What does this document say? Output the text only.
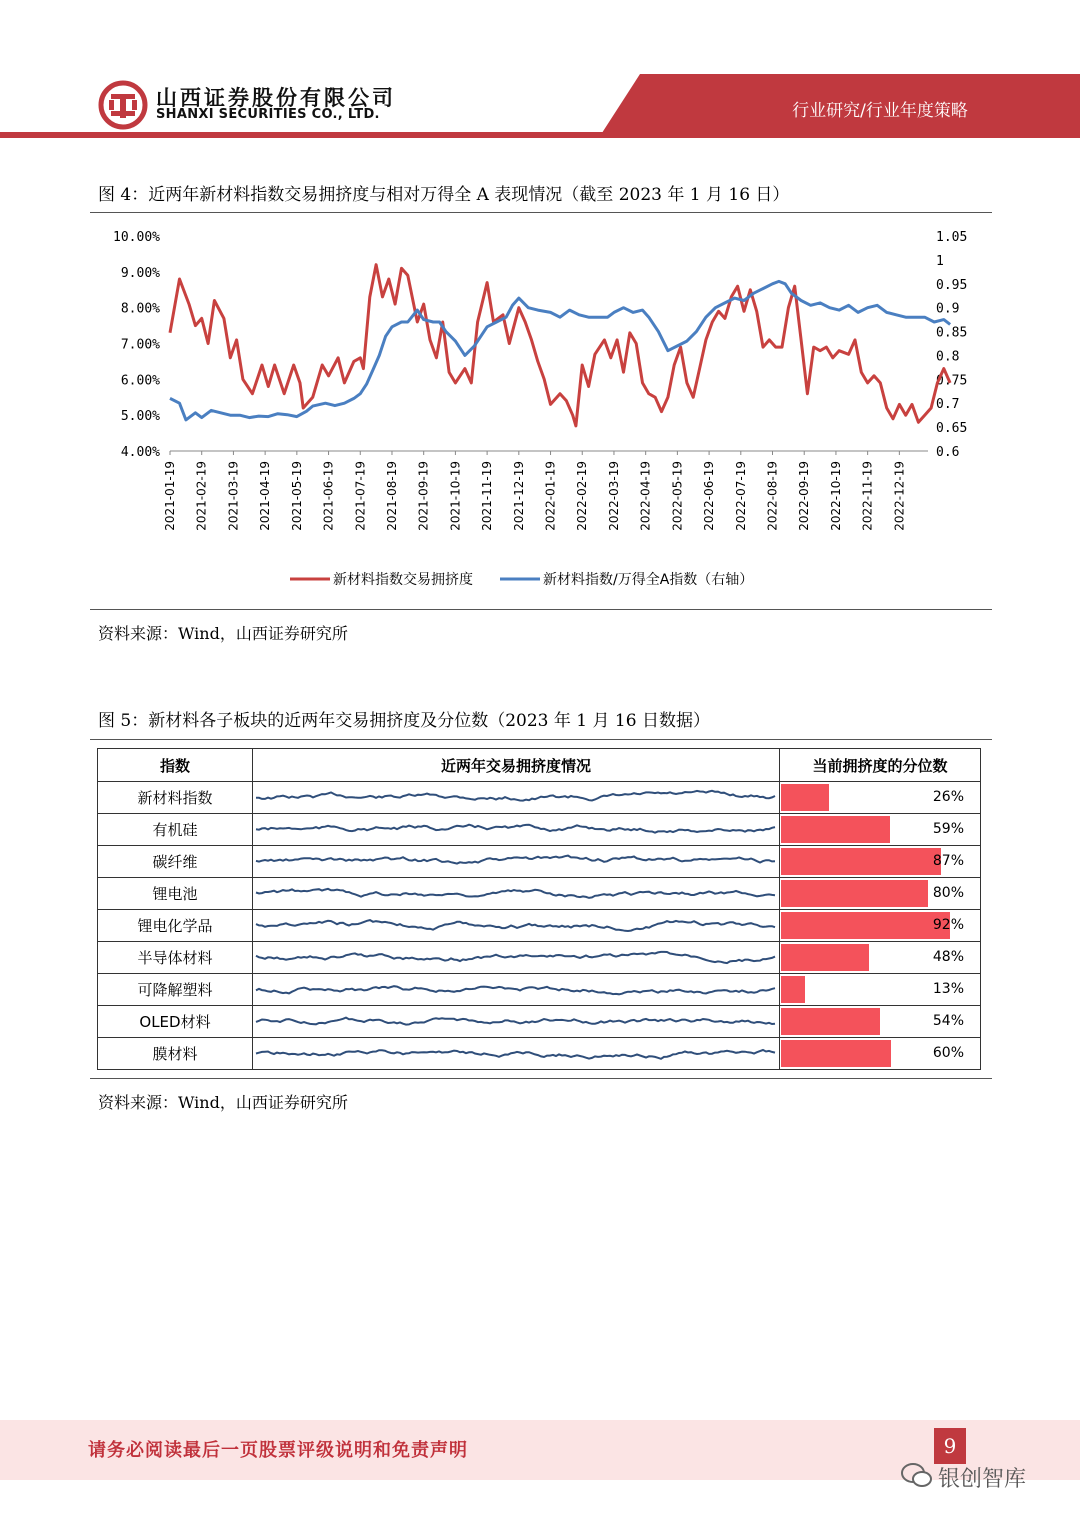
山西证券股份有限公司
SHANXI SECURITIES CO., LTD.	行业研究/行业年度策略
图 4：近两年新材料指数交易拥挤度与相对万得全 A 表现情况（截至 2023 年 1 月 16 日）
10.00%
9.00%
8.00%
7.00%
6.00%
5.00%
4.00%
1.05
1
0.95
0.9
0.85
0.8
0.75
0.7
0.65
0.6
2021-01-19 2021-02-19 2021-03-19 2021-04-19 2021-05-19 2021-06-19 2021-07-19 2021-08-19 2021-09-19 2021-10-19 2021-11-19 2021-12-19 2022-01-19 2022-02-19 2022-03-19 2022-04-19 2022-05-19 2022-06-19 2022-07-19 2022-08-19 2022-09-19 2022-10-19 2022-11-19 2022-12-19
新材料指数交易拥挤度	新材料指数/万得全A指数（右轴）
资料来源：Wind，山西证券研究所
图 5：新材料各子板块的近两年交易拥挤度及分位数（2023 年 1 月 16 日数据）
指数	近两年交易拥挤度情况	当前拥挤度的分位数
新材料指数		26%

有机硅		59%

碳纤维		87%

锂电池		80%

锂电化学品		92%

半导体材料		48%

可降解塑料		13%

OLED材料		54%

膜材料		60%
资料来源：Wind，山西证券研究所
请务必阅读最后一页股票评级说明和免责声明	9
银创智库
